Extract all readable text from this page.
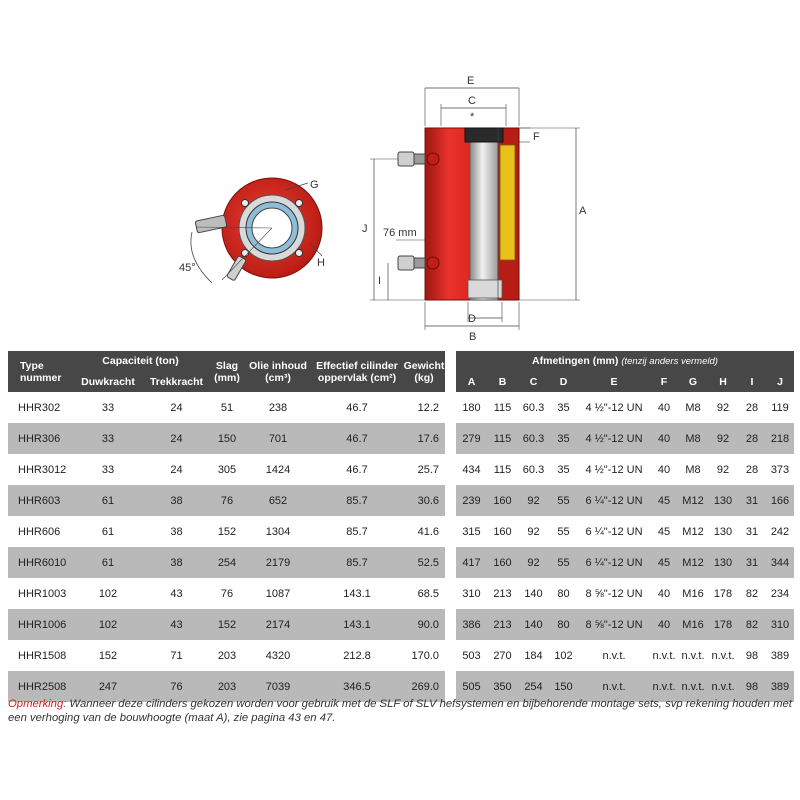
G
H
45°
E
C
*
F
A
J 76 mm
I
D
B
Type nummer	Capaciteit (ton)		Slag (mm)	Olie inhoud (cm³)	Effectief cilinder oppervlak (cm²)	Gewicht (kg)
	Duwkracht	Trekkracht				
HHR302	33	24	51	238	46.7	12.2
HHR306	33	24	150	701	46.7	17.6
HHR3012	33	24	305	1424	46.7	25.7
HHR603	61	38	76	652	85.7	30.6
HHR606	61	38	152	1304	85.7	41.6
HHR6010	61	38	254	2179	85.7	52.5
HHR1003	102	43	76	1087	143.1	68.5
HHR1006	102	43	152	2174	143.1	90.0
HHR1508	152	71	203	4320	212.8	170.0
HHR2508	247	76	203	7039	346.5	269.0
Afmetingen (mm) (tenzij anders vermeld)									
A	B	C	D	E	F	G	H	I	J
180	115	60.3	35	4 ½"-12 UN	40	M8	92	28	119
279	115	60.3	35	4 ½"-12 UN	40	M8	92	28	218
434	115	60.3	35	4 ½"-12 UN	40	M8	92	28	373
239	160	92	55	6 ¼"-12 UN	45	M12	130	31	166
315	160	92	55	6 ¼"-12 UN	45	M12	130	31	242
417	160	92	55	6 ¼"-12 UN	45	M12	130	31	344
310	213	140	80	8 ⅝"-12 UN	40	M16	178	82	234
386	213	140	80	8 ⅝"-12 UN	40	M16	178	82	310
503	270	184	102	n.v.t.	n.v.t.	n.v.t.	n.v.t.	98	389
505	350	254	150	n.v.t.	n.v.t.	n.v.t.	n.v.t.	98	389
Opmerking: Wanneer deze cilinders gekozen worden voor gebruik met de SLF of SLV hefsystemen en bijbehorende montage sets, svp rekening houden met een verhoging van de bouwhoogte (maat A), zie pagina 43 en 47.
